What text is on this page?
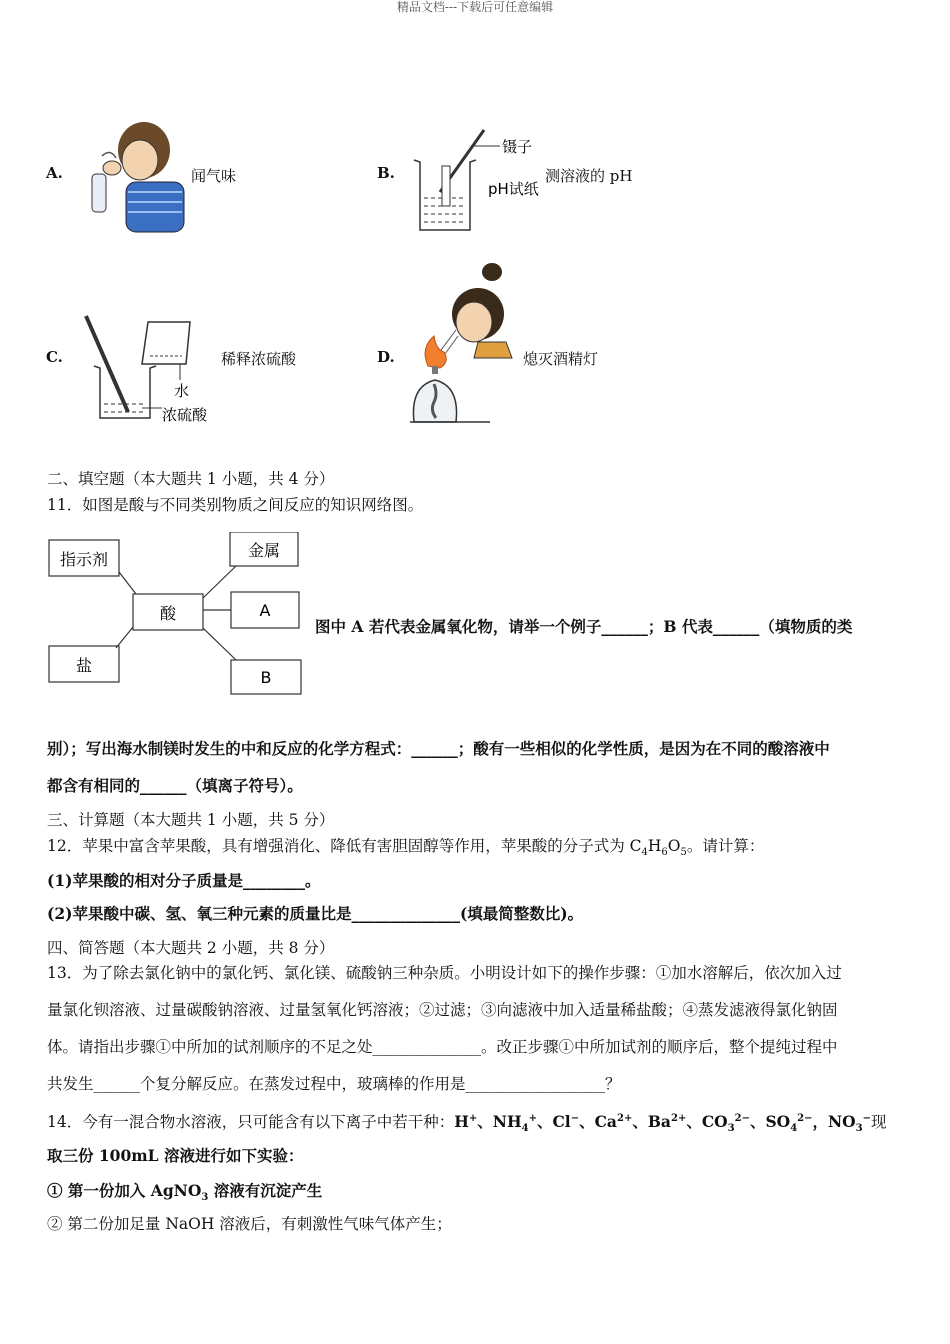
精品文档---下载后可任意编辑
A.	闻气味	B.
镊子
pH试纸
测溶液的 pH
C.
水
浓硫酸
稀释浓硫酸	D.	熄灭酒精灯
二、填空题（本大题共 1 小题，共 4 分）
11．如图是酸与不同类别物质之间反应的知识网络图。
指示剂	金属
酸	A
盐
B
图中 A 若代表金属氧化物，请举一个例子______；B 代表______（填物质的类
别）；写出海水制镁时发生的中和反应的化学方程式：______；酸有一些相似的化学性质，是因为在不同的酸溶液中
都含有相同的______（填离子符号）。
三、计算题（本大题共 1 小题，共 5 分）
12．苹果中富含苹果酸，具有增强消化、降低有害胆固醇等作用，苹果酸的分子式为 $C_4H_6O_5$。请计算：
(1)苹果酸的相对分子质量是________。
(2)苹果酸中碳、氢、氧三种元素的质量比是______________(填最简整数比)。
四、简答题（本大题共 2 小题，共 8 分）
13．为了除去氯化钠中的氯化钙、氯化镁、硫酸钠三种杂质。小明设计如下的操作步骤：①加水溶解后，依次加入过
量氯化钡溶液、过量碳酸钠溶液、过量氢氧化钙溶液；②过滤；③向滤液中加入适量稀盐酸；④蒸发滤液得氯化钠固
体。请指出步骤①中所加的试剂顺序的不足之处______________。改正步骤①中所加试剂的顺序后，整个提纯过程中
共发生______个复分解反应。在蒸发过程中，玻璃棒的作用是__________________？
14．今有一混合物水溶液，只可能含有以下离子中若干种：H+、$NH_4^+$、Cl−、$Ca^{2+}$、$Ba^{2+}$、$CO_3^{2-}$、$SO_4^{2-}$，$NO_3^-$现
取三份 100mL 溶液进行如下实验：
① 第一份加入 AgNO$_3$ 溶液有沉淀产生
② 第二份加足量 NaOH 溶液后，有刺激性气味气体产生；
